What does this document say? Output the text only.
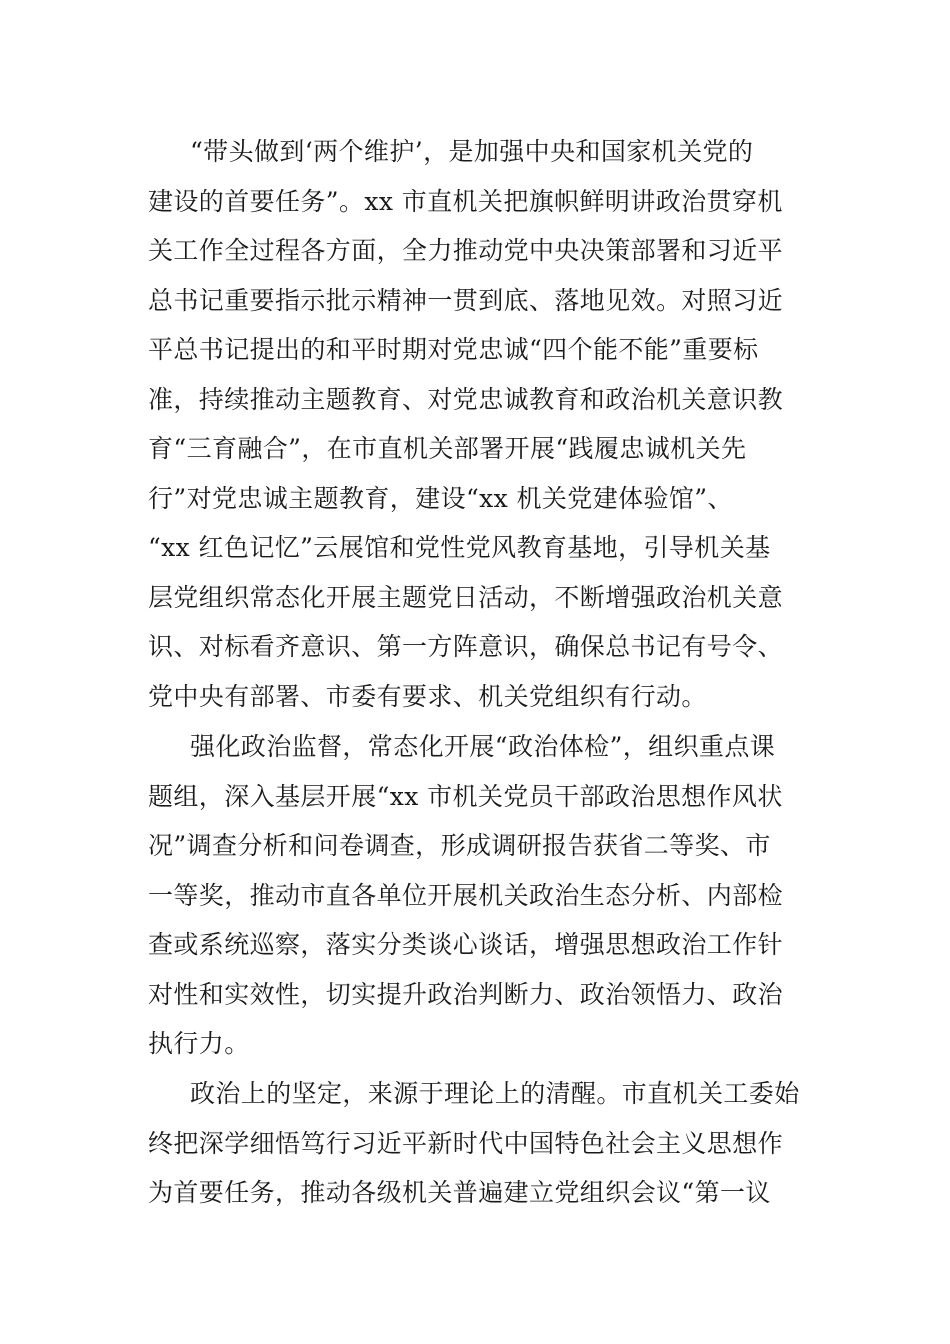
“带头做到‘两个维护’，是加强中央和国家机关党的
建设的首要任务”。xx 市直机关把旗帜鲜明讲政治贯穿机
关工作全过程各方面，全力推动党中央决策部署和习近平
总书记重要指示批示精神一贯到底、落地见效。对照习近
平总书记提出的和平时期对党忠诚“四个能不能”重要标
准，持续推动主题教育、对党忠诚教育和政治机关意识教
育“三育融合”，在市直机关部署开展“践履忠诚机关先
行”对党忠诚主题教育，建设“xx 机关党建体验馆”、
“xx 红色记忆”云展馆和党性党风教育基地，引导机关基
层党组织常态化开展主题党日活动，不断增强政治机关意
识、对标看齐意识、第一方阵意识，确保总书记有号令、
党中央有部署、市委有要求、机关党组织有行动。
强化政治监督，常态化开展“政治体检”，组织重点课
题组，深入基层开展“xx 市机关党员干部政治思想作风状
况”调查分析和问卷调查，形成调研报告获省二等奖、市
一等奖，推动市直各单位开展机关政治生态分析、内部检
查或系统巡察，落实分类谈心谈话，增强思想政治工作针
对性和实效性，切实提升政治判断力、政治领悟力、政治
执行力。
政治上的坚定，来源于理论上的清醒。市直机关工委始
终把深学细悟笃行习近平新时代中国特色社会主义思想作
为首要任务，推动各级机关普遍建立党组织会议“第一议
